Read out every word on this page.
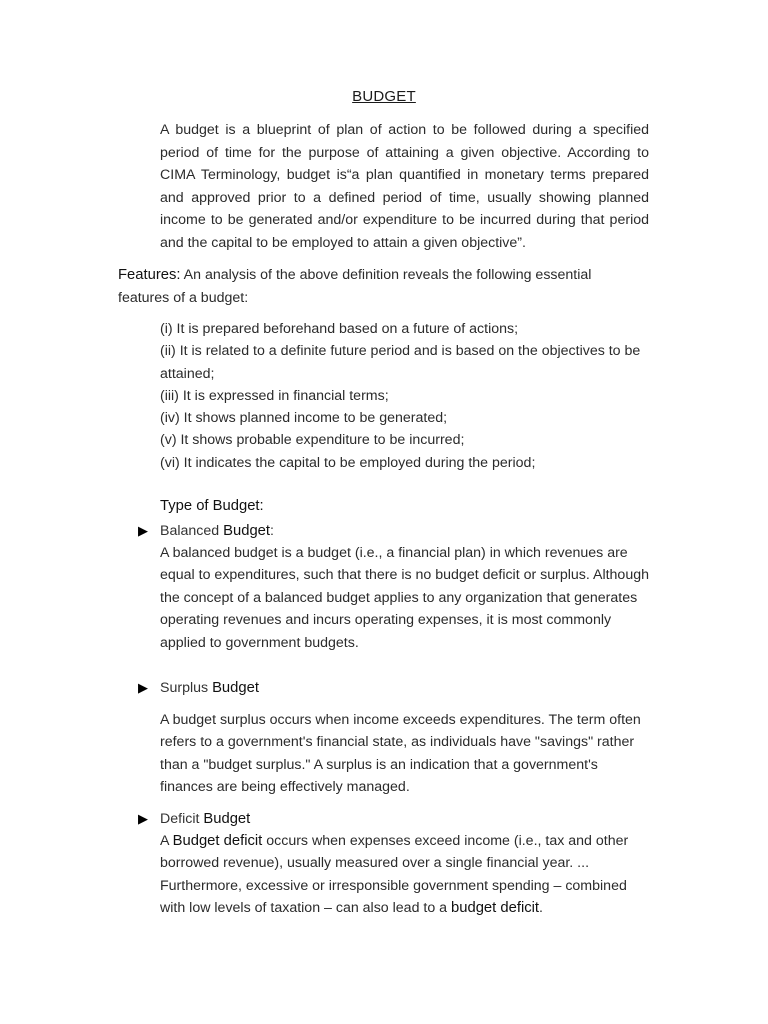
BUDGET
A budget is a blueprint of plan of action to be followed during a specified period of time for the purpose of attaining a given objective. According to CIMA Terminology, budget is“a plan quantified in monetary terms prepared and approved prior to a defined period of time, usually showing planned income to be generated and/or expenditure to be incurred during that period and the capital to be employed to attain a given objective”.
Features: An analysis of the above definition reveals the following essential features of a budget:
(i) It is prepared beforehand based on a future of actions;
(ii) It is related to a definite future period and is based on the objectives to be attained;
(iii) It is expressed in financial terms;
(iv) It shows planned income to be generated;
(v) It shows probable expenditure to be incurred;
(vi) It indicates the capital to be employed during the period;
Type of Budget:
▶ Balanced
Budget :
A balanced budget is a budget (i.e., a financial plan) in which revenues are equal to expenditures, such that there is no budget deficit or surplus. Although the concept of a balanced budget applies to any organization that generates operating revenues and incurs operating expenses, it is most commonly applied to government budgets.
▶ Surplus
Budget
A budget surplus occurs when income exceeds expenditures. The term often refers to a government's financial state, as individuals have "savings" rather than a "budget surplus." A surplus is an indication that a government's finances are being effectively managed.
▶ Deficit
Budget
A Budget deficit occurs when expenses exceed income (i.e., tax and other borrowed revenue), usually measured over a single financial year. ... Furthermore, excessive or irresponsible government spending – combined with low levels of taxation – can also lead to a budget deficit.
